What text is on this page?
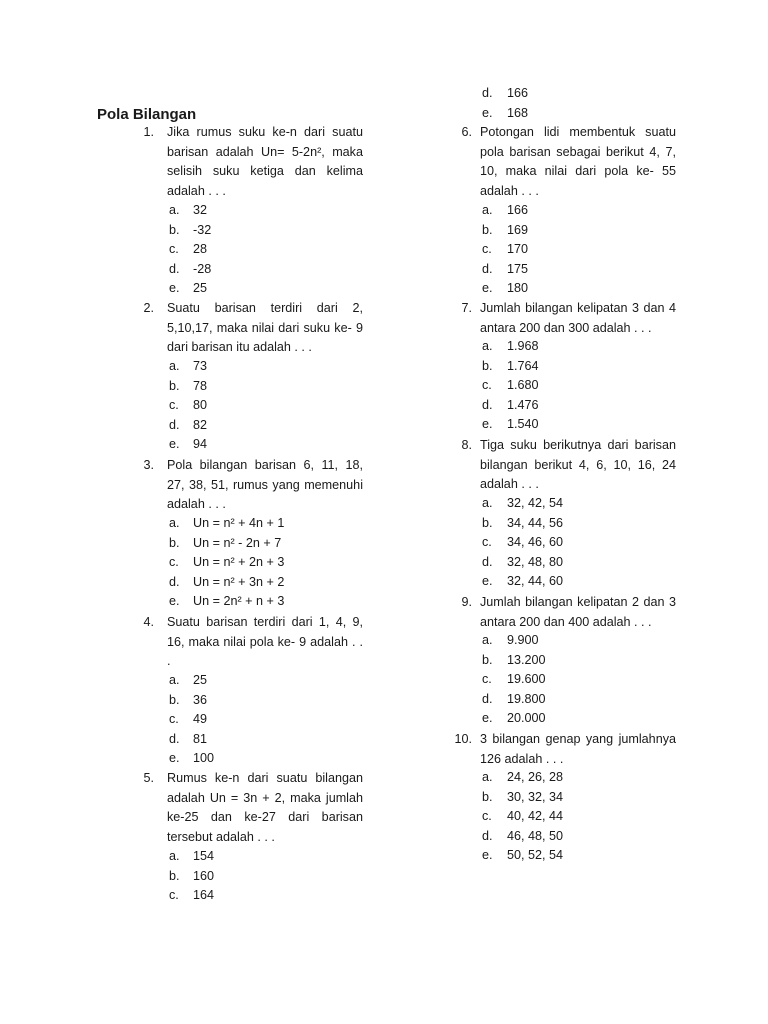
Pola Bilangan
1. Jika rumus suku ke-n dari suatu barisan adalah Un= 5-2n², maka selisih suku ketiga dan kelima adalah . . .
a. 32
b. -32
c.	28
d. -28
e. 25
2. Suatu barisan terdiri dari 2, 5,10,17, maka nilai dari suku ke- 9 dari barisan itu adalah . . .
a. 73
b. 78
c.	80
d. 82
e. 94
3. Pola bilangan barisan 6, 11, 18, 27, 38, 51, rumus yang memenuhi adalah . . .
a. Un = n² + 4n + 1
b. Un = n² - 2n + 7
c.	Un = n² + 2n + 3
d. Un = n² + 3n + 2
e. Un = 2n² + n + 3
4. Suatu barisan terdiri dari 1, 4, 9, 16, maka nilai pola ke- 9 adalah . . .
a. 25
b. 36
c.	49
d. 81
e. 100
5. Rumus ke-n dari suatu bilangan adalah Un = 3n + 2, maka jumlah ke-25 dan ke-27 dari barisan tersebut adalah . . .
a. 154
b. 160
c.	164
d. 166
e. 168
6. Potongan lidi membentuk suatu pola barisan sebagai berikut 4, 7, 10, maka nilai dari pola ke- 55 adalah . . .
a. 166
b. 169
c.	170
d. 175
e. 180
7. Jumlah bilangan kelipatan 3 dan 4 antara 200 dan 300 adalah . . .
a. 1.968
b. 1.764
c.	1.680
d. 1.476
e. 1.540
8. Tiga suku berikutnya dari barisan bilangan berikut 4, 6, 10, 16, 24 adalah . . .
a. 32, 42, 54
b. 34, 44, 56
c.	34, 46, 60
d. 32, 48, 80
e. 32, 44, 60
9. Jumlah bilangan kelipatan 2 dan 3 antara 200 dan 400 adalah . . .
a. 9.900
b. 13.200
c.	19.600
d. 19.800
e. 20.000
10. 3 bilangan genap yang jumlahnya 126 adalah . . .
a. 24, 26, 28
b. 30, 32, 34
c.	40, 42, 44
d. 46, 48, 50
e. 50, 52, 54
